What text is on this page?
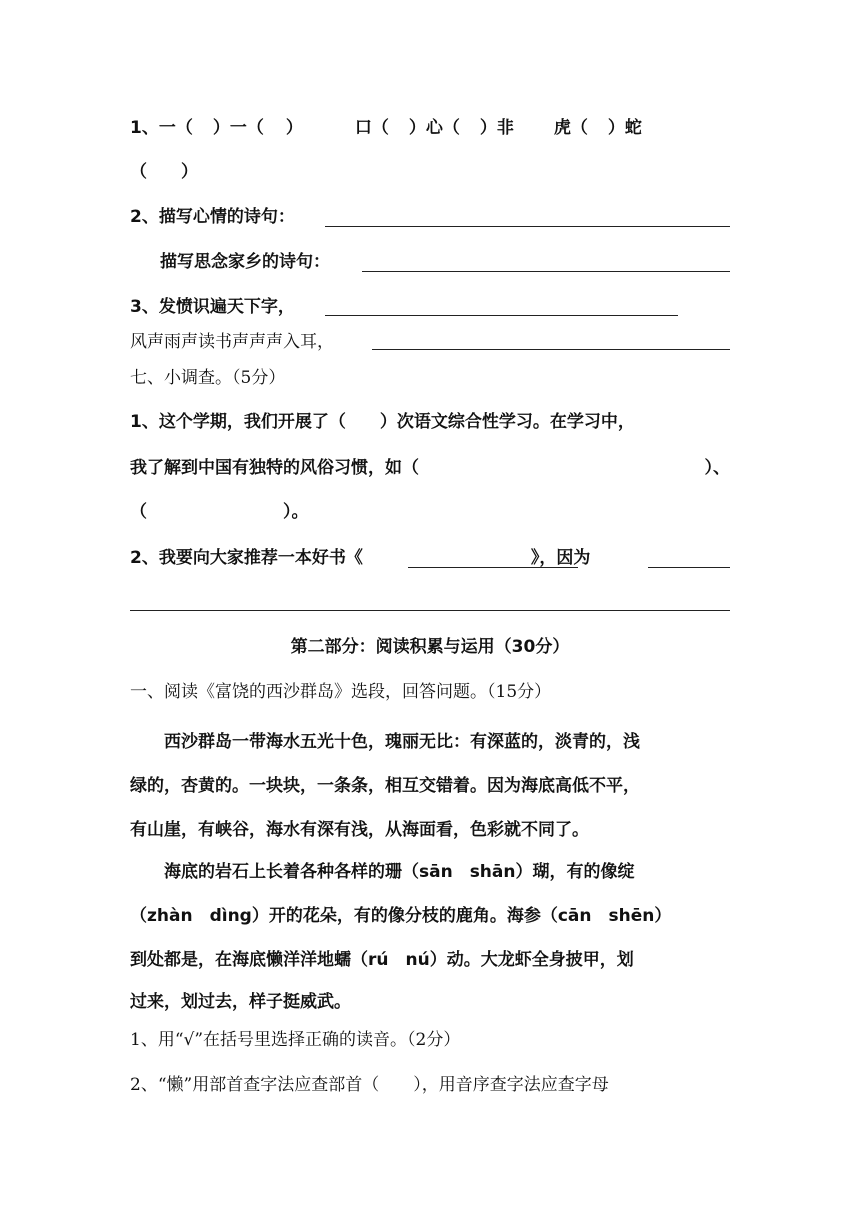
1、一（ ）一（ ）	口（ ）心（ ）非 虎（ ）蛇
（　　）
2、描写心情的诗句：
描写思念家乡的诗句：
3、发愤识遍天下字，
风声雨声读书声声声入耳，
七、小调查。（5分）
1、这个学期，我们开展了（　　）次语文综合性学习。在学习中，
我了解到中国有独特的风俗习惯，如（	）、
（　　　　　　　　）。
2、我要向大家推荐一本好书《	》，因为
第二部分：阅读积累与运用（30分）
一、阅读《富饶的西沙群岛》选段，回答问题。（15分）
　　西沙群岛一带海水五光十色，瑰丽无比：有深蓝的，淡青的，浅
绿的，杏黄的。一块块，一条条，相互交错着。因为海底高低不平，
有山崖，有峡谷，海水有深有浅，从海面看，色彩就不同了。
　　海底的岩石上长着各种各样的珊（sān　shān）瑚，有的像绽
（zhàn　dìng）开的花朵，有的像分枝的鹿角。海参（cān　shēn）
到处都是，在海底懒洋洋地蠕（rú　nú）动。大龙虾全身披甲，划
过来，划过去，样子挺威武。
1、用“√”在括号里选择正确的读音。（2分）
2、“懒”用部首查字法应查部首（　　），用音序查字法应查字母
